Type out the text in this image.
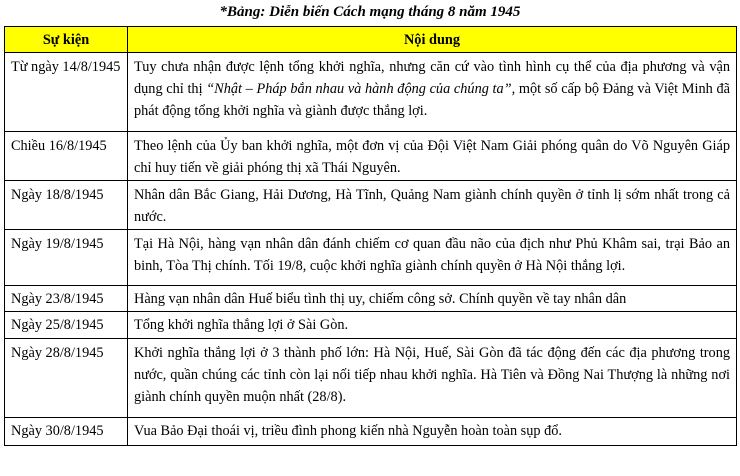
*Bảng: Diễn biến Cách mạng tháng 8 năm 1945
Sự kiện	Nội dung
Từ ngày 14/8/1945	Tuy chưa nhận được lệnh tổng khởi nghĩa, nhưng căn cứ vào tình hình cụ thể của địa phương và vận dụng chỉ thị “Nhật – Pháp bắn nhau và hành động của chúng ta”, một số cấp bộ Đảng và Việt Minh đã phát động tổng khởi nghĩa và giành được thắng lợi.
Chiều 16/8/1945	Theo lệnh của Ủy ban khởi nghĩa, một đơn vị của Đội Việt Nam Giải phóng quân do Võ Nguyên Giáp chỉ huy tiến về giải phóng thị xã Thái Nguyên.
Ngày 18/8/1945	Nhân dân Bắc Giang, Hải Dương, Hà Tĩnh, Quảng Nam giành chính quyền ở tỉnh lị sớm nhất trong cả nước.
Ngày 19/8/1945	Tại Hà Nội, hàng vạn nhân dân đánh chiếm cơ quan đầu não của địch như Phủ Khâm sai, trại Bảo an binh, Tòa Thị chính. Tối 19/8, cuộc khởi nghĩa giành chính quyền ở Hà Nội thắng lợi.
Ngày 23/8/1945	Hàng vạn nhân dân Huế biểu tình thị uy, chiếm công sở. Chính quyền về tay nhân dân
Ngày 25/8/1945	Tổng khởi nghĩa thắng lợi ở Sài Gòn.
Ngày 28/8/1945	Khởi nghĩa thắng lợi ở 3 thành phố lớn: Hà Nội, Huế, Sài Gòn đã tác động đến các địa phương trong nước, quần chúng các tỉnh còn lại nối tiếp nhau khởi nghĩa. Hà Tiên và Đồng Nai Thượng là những nơi giành chính quyền muộn nhất (28/8).
Ngày 30/8/1945	Vua Bảo Đại thoái vị, triều đình phong kiến nhà Nguyễn hoàn toàn sụp đổ.
